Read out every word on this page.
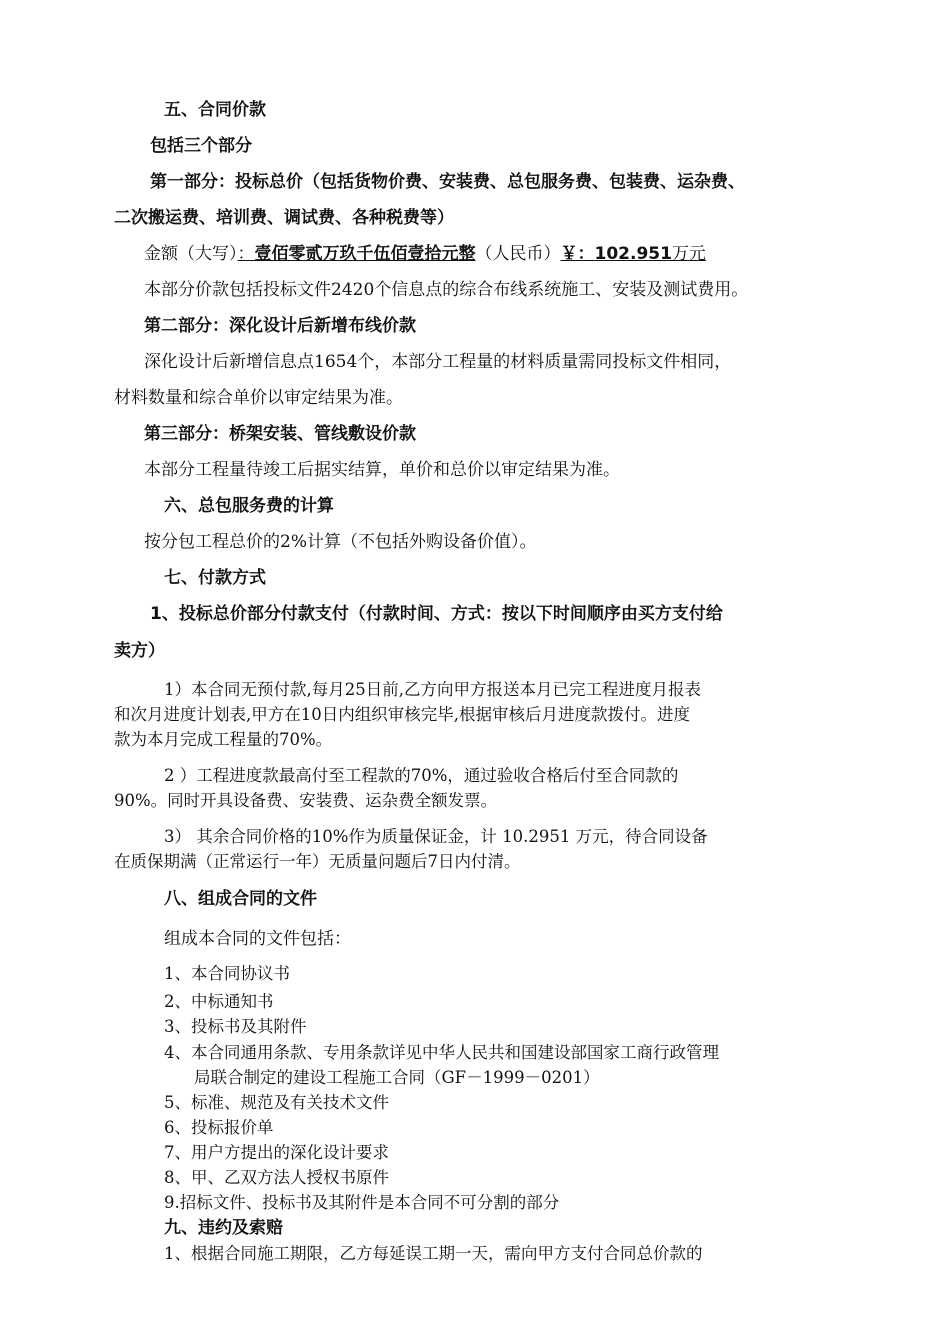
五、合同价款
包括三个部分
第一部分：投标总价（包括货物价费、安装费、总包服务费、包装费、运杂费、
二次搬运费、培训费、调试费、各种税费等）
金额（大写）：壹佰零贰万玖千伍佰壹拾元整（人民币）￥：102.951万元
本部分价款包括投标文件2420个信息点的综合布线系统施工、安装及测试费用。
第二部分：深化设计后新增布线价款
深化设计后新增信息点1654个，本部分工程量的材料质量需同投标文件相同，
材料数量和综合单价以审定结果为准。
第三部分：桥架安装、管线敷设价款
本部分工程量待竣工后据实结算，单价和总价以审定结果为准。
六、总包服务费的计算
按分包工程总价的2%计算（不包括外购设备价值）。
七、付款方式
1、投标总价部分付款支付（付款时间、方式：按以下时间顺序由买方支付给
卖方）
1）本合同无预付款,每月25日前,乙方向甲方报送本月已完工程进度月报表
和次月进度计划表,甲方在10日内组织审核完毕,根据审核后月进度款拨付。进度
款为本月完成工程量的70%。
2 ）工程进度款最高付至工程款的70%，通过验收合格后付至合同款的
90%。同时开具设备费、安装费、运杂费全额发票。
3） 其余合同价格的10%作为质量保证金，计 10.2951 万元，待合同设备
在质保期满（正常运行一年）无质量问题后7日内付清。
八、组成合同的文件
组成本合同的文件包括：
1、本合同协议书
2、中标通知书
3、投标书及其附件
4、本合同通用条款、专用条款详见中华人民共和国建设部国家工商行政管理
局联合制定的建设工程施工合同（GF－1999－0201）
5、标准、规范及有关技术文件
6、投标报价单
7、用户方提出的深化设计要求
8、甲、乙双方法人授权书原件
9.招标文件、投标书及其附件是本合同不可分割的部分
九、违约及索赔
1、根据合同施工期限，乙方每延误工期一天，需向甲方支付合同总价款的
